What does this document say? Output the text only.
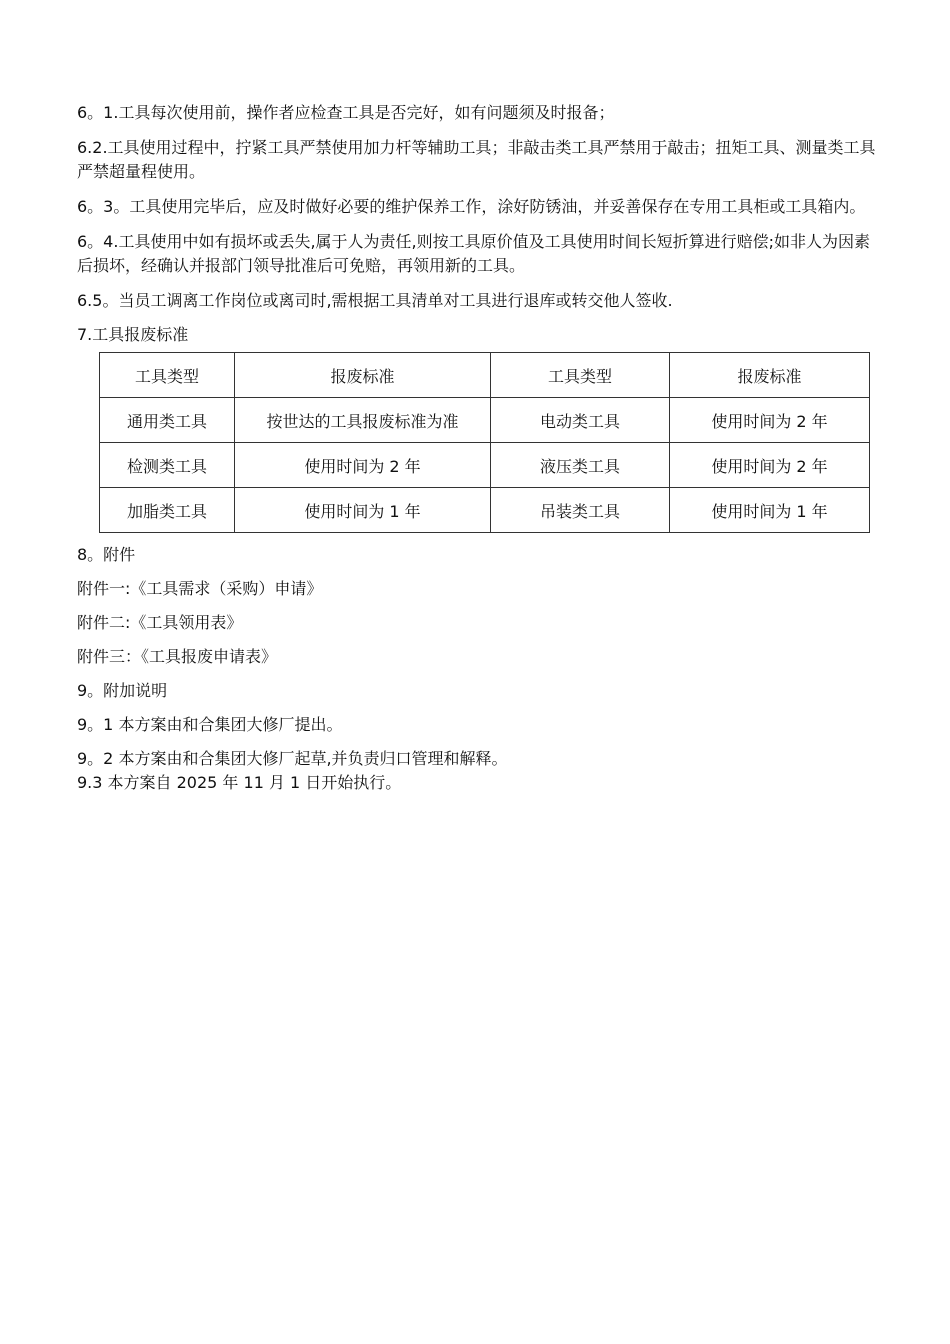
6。1.工具每次使用前，操作者应检查工具是否完好，如有问题须及时报备；

6.2.工具使用过程中，拧紧工具严禁使用加力杆等辅助工具；非敲击类工具严禁用于敲击；扭矩工具、测量类工具严禁超量程使用。

6。3。工具使用完毕后，应及时做好必要的维护保养工作，涂好防锈油，并妥善保存在专用工具柜或工具箱内。

6。4.工具使用中如有损坏或丢失,属于人为责任,则按工具原价值及工具使用时间长短折算进行赔偿;如非人为因素后损坏，经确认并报部门领导批准后可免赔，再领用新的工具。

6.5。当员工调离工作岗位或离司时,需根据工具清单对工具进行退库或转交他人签收.

7.工具报废标准

工具类型	报废标准	工具类型	报废标准
通用类工具	按世达的工具报废标准为准	电动类工具	使用时间为 2 年
检测类工具	使用时间为 2 年	液压类工具	使用时间为 2 年
加脂类工具	使用时间为 1 年	吊装类工具	使用时间为 1 年

8。附件

附件一:《工具需求（采购）申请》

附件二:《工具领用表》

附件三：《工具报废申请表》

9。附加说明

9。1 本方案由和合集团大修厂提出。

9。2 本方案由和合集团大修厂起草,并负责归口管理和解释。

9.3 本方案自 2025 年 11 月 1 日开始执行。
